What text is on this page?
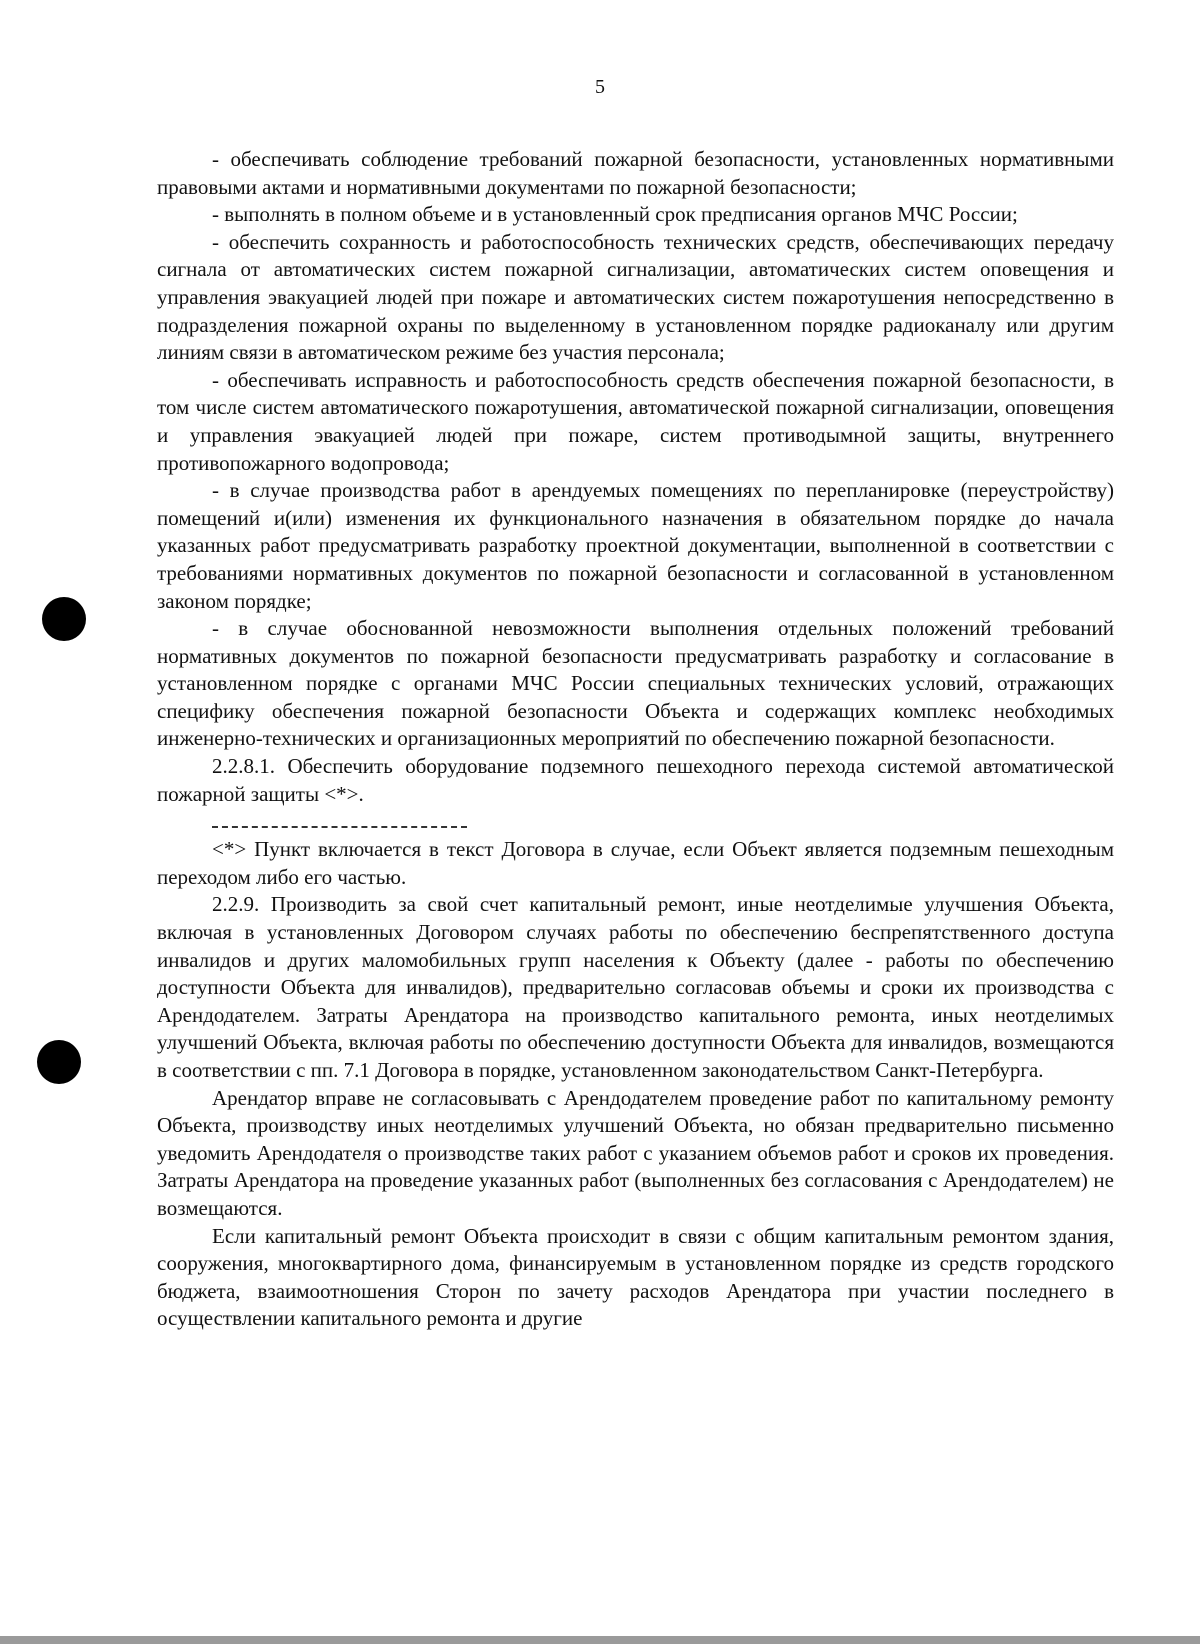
5

- обеспечивать соблюдение требований пожарной безопасности, установленных нормативными правовыми актами и нормативными документами по пожарной безопасности;

- выполнять в полном объеме и в установленный срок предписания органов МЧС России;

- обеспечить сохранность и работоспособность технических средств, обеспечивающих передачу сигнала от автоматических систем пожарной сигнализации, автоматических систем оповещения и управления эвакуацией людей при пожаре и автоматических систем пожаротушения непосредственно в подразделения пожарной охраны по выделенному в установленном порядке радиоканалу или другим линиям связи в автоматическом режиме без участия персонала;

- обеспечивать исправность и работоспособность средств обеспечения пожарной безопасности, в том числе систем автоматического пожаротушения, автоматической пожарной сигнализации, оповещения и управления эвакуацией людей при пожаре, систем противодымной защиты, внутреннего противопожарного водопровода;

- в случае производства работ в арендуемых помещениях по перепланировке (переустройству) помещений и(или) изменения их функционального назначения в обязательном порядке до начала указанных работ предусматривать разработку проектной документации, выполненной в соответствии с требованиями нормативных документов по пожарной безопасности и согласованной в установленном законом порядке;

- в случае обоснованной невозможности выполнения отдельных положений требований нормативных документов по пожарной безопасности предусматривать разработку и согласование в установленном порядке с органами МЧС России специальных технических условий, отражающих специфику обеспечения пожарной безопасности Объекта и содержащих комплекс необходимых инженерно-технических и организационных мероприятий по обеспечению пожарной безопасности.

2.2.8.1. Обеспечить оборудование подземного пешеходного перехода системой автоматической пожарной защиты <*>.

<*> Пункт включается в текст Договора в случае, если Объект является подземным пешеходным переходом либо его частью.

2.2.9. Производить за свой счет капитальный ремонт, иные неотделимые улучшения Объекта, включая в установленных Договором случаях работы по обеспечению беспрепятственного доступа инвалидов и других маломобильных групп населения к Объекту (далее - работы по обеспечению доступности Объекта для инвалидов), предварительно согласовав объемы и сроки их производства с Арендодателем. Затраты Арендатора на производство капитального ремонта, иных неотделимых улучшений Объекта, включая работы по обеспечению доступности Объекта для инвалидов, возмещаются в соответствии с пп. 7.1 Договора в порядке, установленном законодательством Санкт-Петербурга.

Арендатор вправе не согласовывать с Арендодателем проведение работ по капитальному ремонту Объекта, производству иных неотделимых улучшений Объекта, но обязан предварительно письменно уведомить Арендодателя о производстве таких работ с указанием объемов работ и сроков их проведения. Затраты Арендатора на проведение указанных работ (выполненных без согласования с Арендодателем) не возмещаются.

Если капитальный ремонт Объекта происходит в связи с общим капитальным ремонтом здания, сооружения, многоквартирного дома, финансируемым в установленном порядке из средств городского бюджета, взаимоотношения Сторон по зачету расходов Арендатора при участии последнего в осуществлении капитального ремонта и другие
